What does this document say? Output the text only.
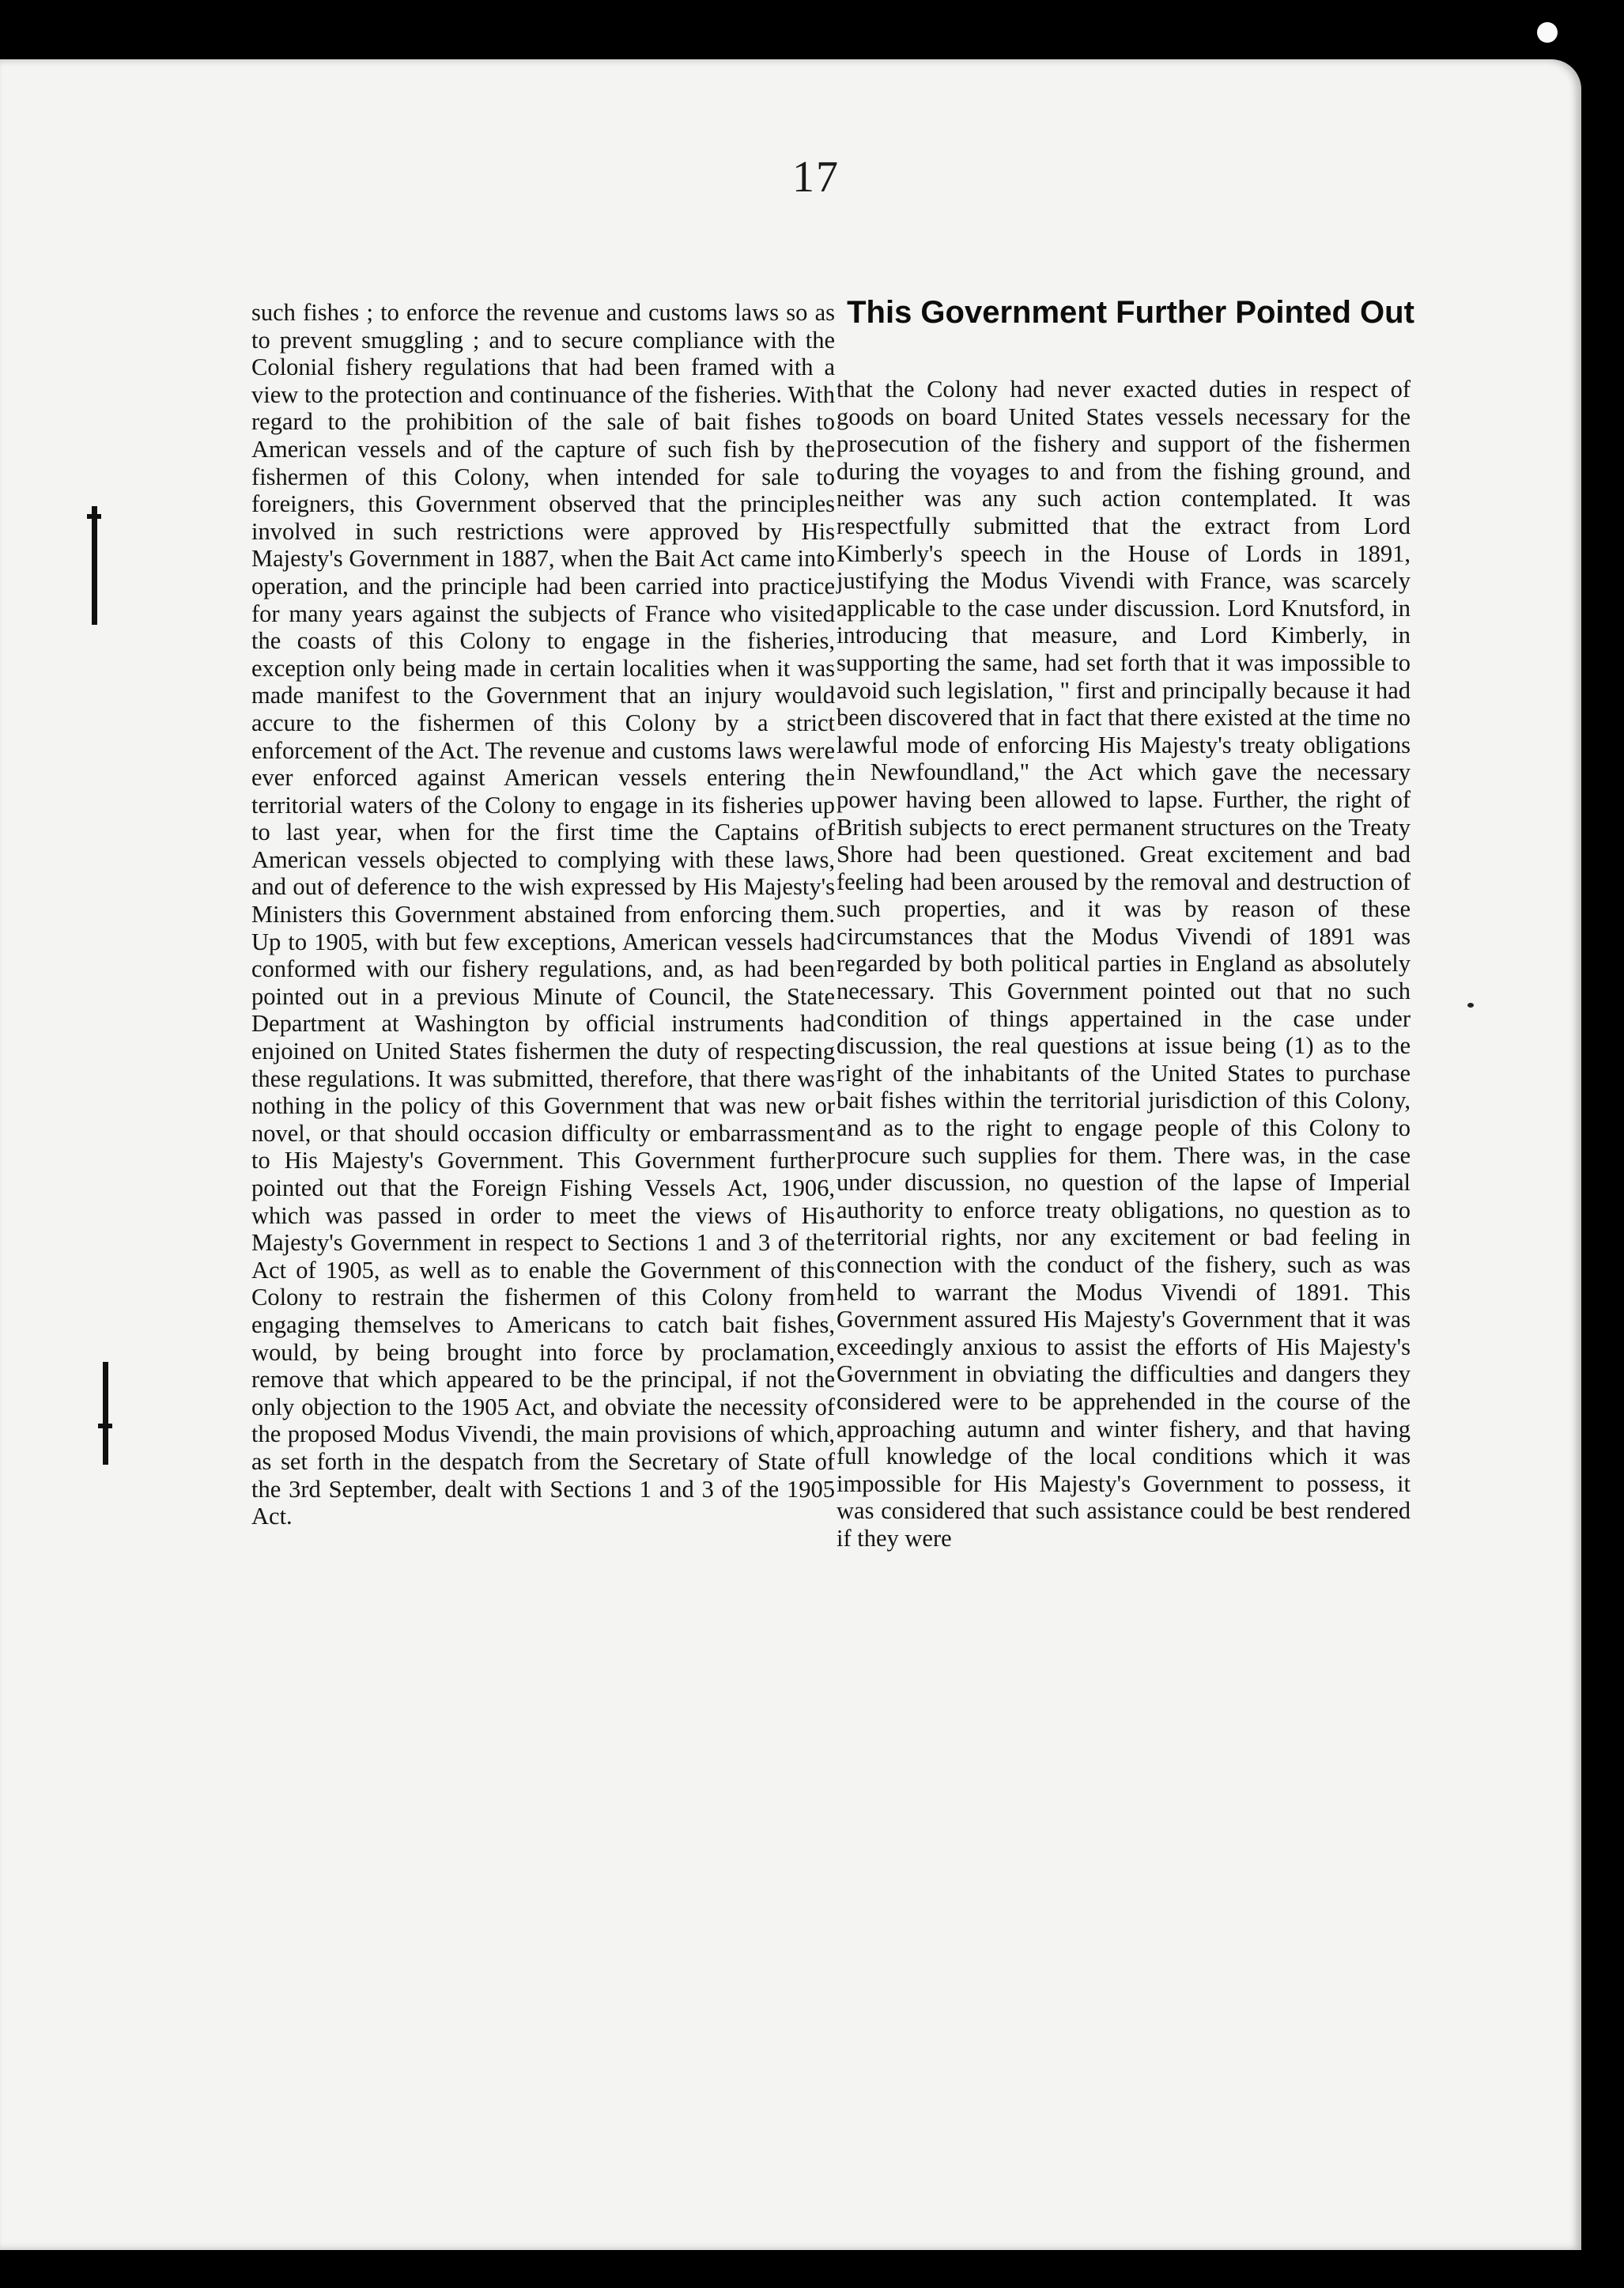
17

such fishes ; to enforce the revenue and customs laws so as to prevent smuggling ; and to secure compliance with the Colonial fishery regulations that had been framed with a view to the protection and continuance of the fisheries. With regard to the prohibition of the sale of bait fishes to American vessels and of the capture of such fish by the fishermen of this Colony, when intended for sale to foreigners, this Government observed that the principles involved in such restrictions were approved by His Majesty's Government in 1887, when the Bait Act came into operation, and the principle had been carried into practice for many years against the subjects of France who visited the coasts of this Colony to engage in the fisheries, exception only being made in certain localities when it was made manifest to the Government that an injury would accure to the fishermen of this Colony by a strict enforcement of the Act. The revenue and customs laws were ever enforced against American vessels entering the territorial waters of the Colony to engage in its fisheries up to last year, when for the first time the Captains of American vessels objected to complying with these laws, and out of deference to the wish expressed by His Majesty's Ministers this Government abstained from enforcing them. Up to 1905, with but few exceptions, American vessels had conformed with our fishery regulations, and, as had been pointed out in a previous Minute of Council, the State Department at Washington by official instruments had enjoined on United States fishermen the duty of respecting these regulations. It was submitted, therefore, that there was nothing in the policy of this Government that was new or novel, or that should occasion difficulty or embarrassment to His Majesty's Government. This Government further pointed out that the Foreign Fishing Vessels Act, 1906, which was passed in order to meet the views of His Majesty's Government in respect to Sections 1 and 3 of the Act of 1905, as well as to enable the Government of this Colony to restrain the fishermen of this Colony from engaging themselves to Americans to catch bait fishes, would, by being brought into force by proclamation, remove that which appeared to be the principal, if not the only objection to the 1905 Act, and obviate the necessity of the proposed Modus Vivendi, the main provisions of which, as set forth in the despatch from the Secretary of State of the 3rd September, dealt with Sections 1 and 3 of the 1905 Act.

This Government Further Pointed Out

that the Colony had never exacted duties in respect of goods on board United States vessels necessary for the prosecution of the fishery and support of the fishermen during the voyages to and from the fishing ground, and neither was any such action contemplated. It was respectfully submitted that the extract from Lord Kimberly's speech in the House of Lords in 1891, justifying the Modus Vivendi with France, was scarcely applicable to the case under discussion. Lord Knutsford, in introducing that measure, and Lord Kimberly, in supporting the same, had set forth that it was impossible to avoid such legislation, " first and principally because it had been discovered that in fact that there existed at the time no lawful mode of enforcing His Majesty's treaty obligations in Newfoundland," the Act which gave the necessary power having been allowed to lapse. Further, the right of British subjects to erect permanent structures on the Treaty Shore had been questioned. Great excitement and bad feeling had been aroused by the removal and destruction of such properties, and it was by reason of these circumstances that the Modus Vivendi of 1891 was regarded by both political parties in England as absolutely necessary. This Government pointed out that no such condition of things appertained in the case under discussion, the real questions at issue being (1) as to the right of the inhabitants of the United States to purchase bait fishes within the territorial jurisdiction of this Colony, and as to the right to engage people of this Colony to procure such supplies for them. There was, in the case under discussion, no question of the lapse of Imperial authority to enforce treaty obligations, no question as to territorial rights, nor any excitement or bad feeling in connection with the conduct of the fishery, such as was held to warrant the Modus Vivendi of 1891. This Government assured His Majesty's Government that it was exceedingly anxious to assist the efforts of His Majesty's Government in obviating the difficulties and dangers they considered were to be apprehended in the course of the approaching autumn and winter fishery, and that having full knowledge of the local conditions which it was impossible for His Majesty's Government to possess, it was considered that such assistance could be best rendered if they were
